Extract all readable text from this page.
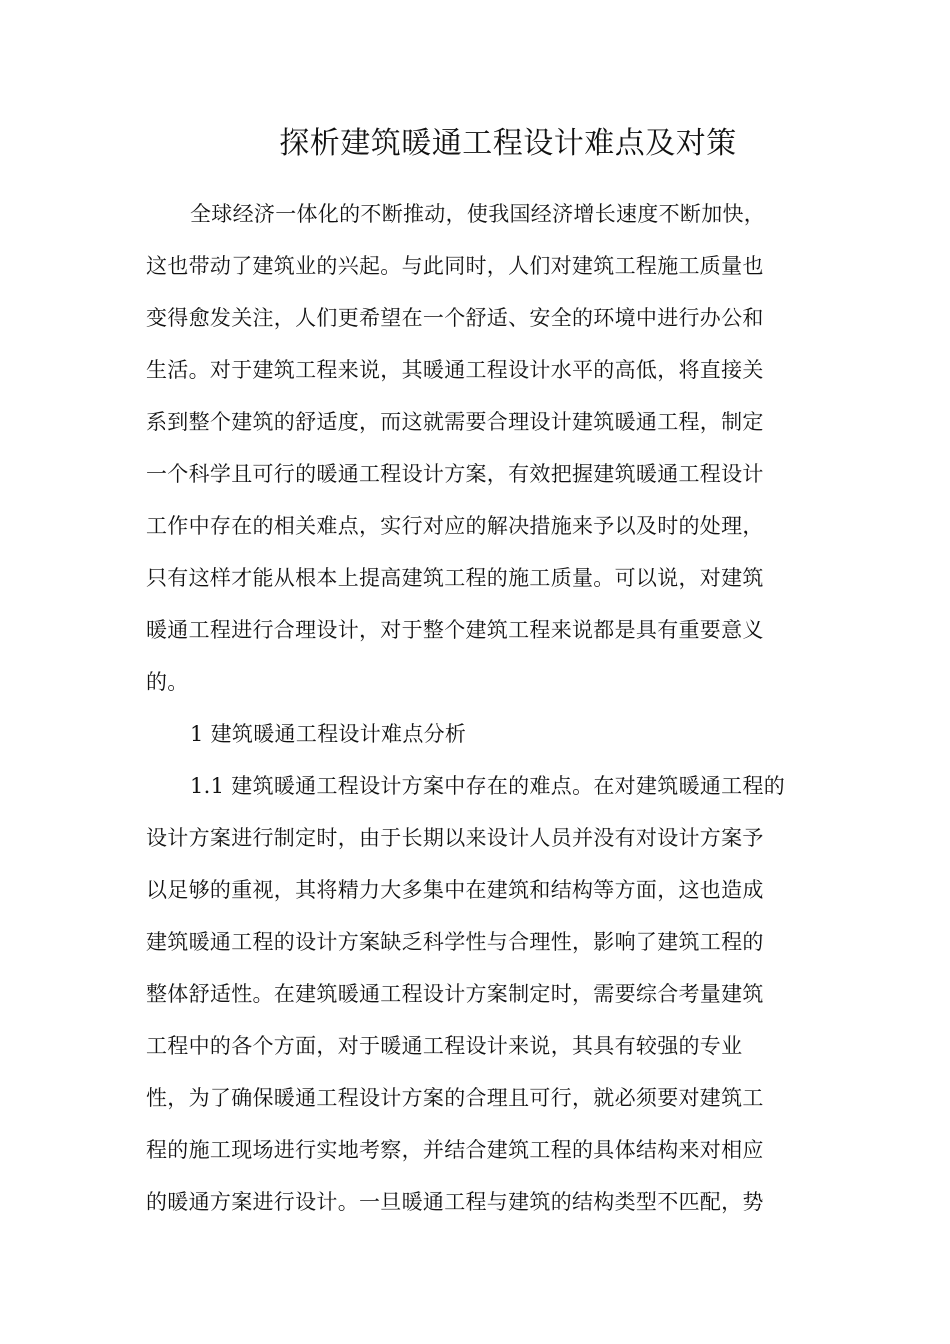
探析建筑暖通工程设计难点及对策
全球经济一体化的不断推动，使我国经济增长速度不断加快，
这也带动了建筑业的兴起。与此同时，人们对建筑工程施工质量也
变得愈发关注，人们更希望在一个舒适、安全的环境中进行办公和
生活。对于建筑工程来说，其暖通工程设计水平的高低，将直接关
系到整个建筑的舒适度，而这就需要合理设计建筑暖通工程，制定
一个科学且可行的暖通工程设计方案，有效把握建筑暖通工程设计
工作中存在的相关难点，实行对应的解决措施来予以及时的处理，
只有这样才能从根本上提高建筑工程的施工质量。可以说，对建筑
暖通工程进行合理设计，对于整个建筑工程来说都是具有重要意义
的。
1 建筑暖通工程设计难点分析
1.1 建筑暖通工程设计方案中存在的难点。在对建筑暖通工程的
设计方案进行制定时，由于长期以来设计人员并没有对设计方案予
以足够的重视，其将精力大多集中在建筑和结构等方面，这也造成
建筑暖通工程的设计方案缺乏科学性与合理性，影响了建筑工程的
整体舒适性。在建筑暖通工程设计方案制定时，需要综合考量建筑
工程中的各个方面，对于暖通工程设计来说，其具有较强的专业
性，为了确保暖通工程设计方案的合理且可行，就必须要对建筑工
程的施工现场进行实地考察，并结合建筑工程的具体结构来对相应
的暖通方案进行设计。一旦暖通工程与建筑的结构类型不匹配，势
